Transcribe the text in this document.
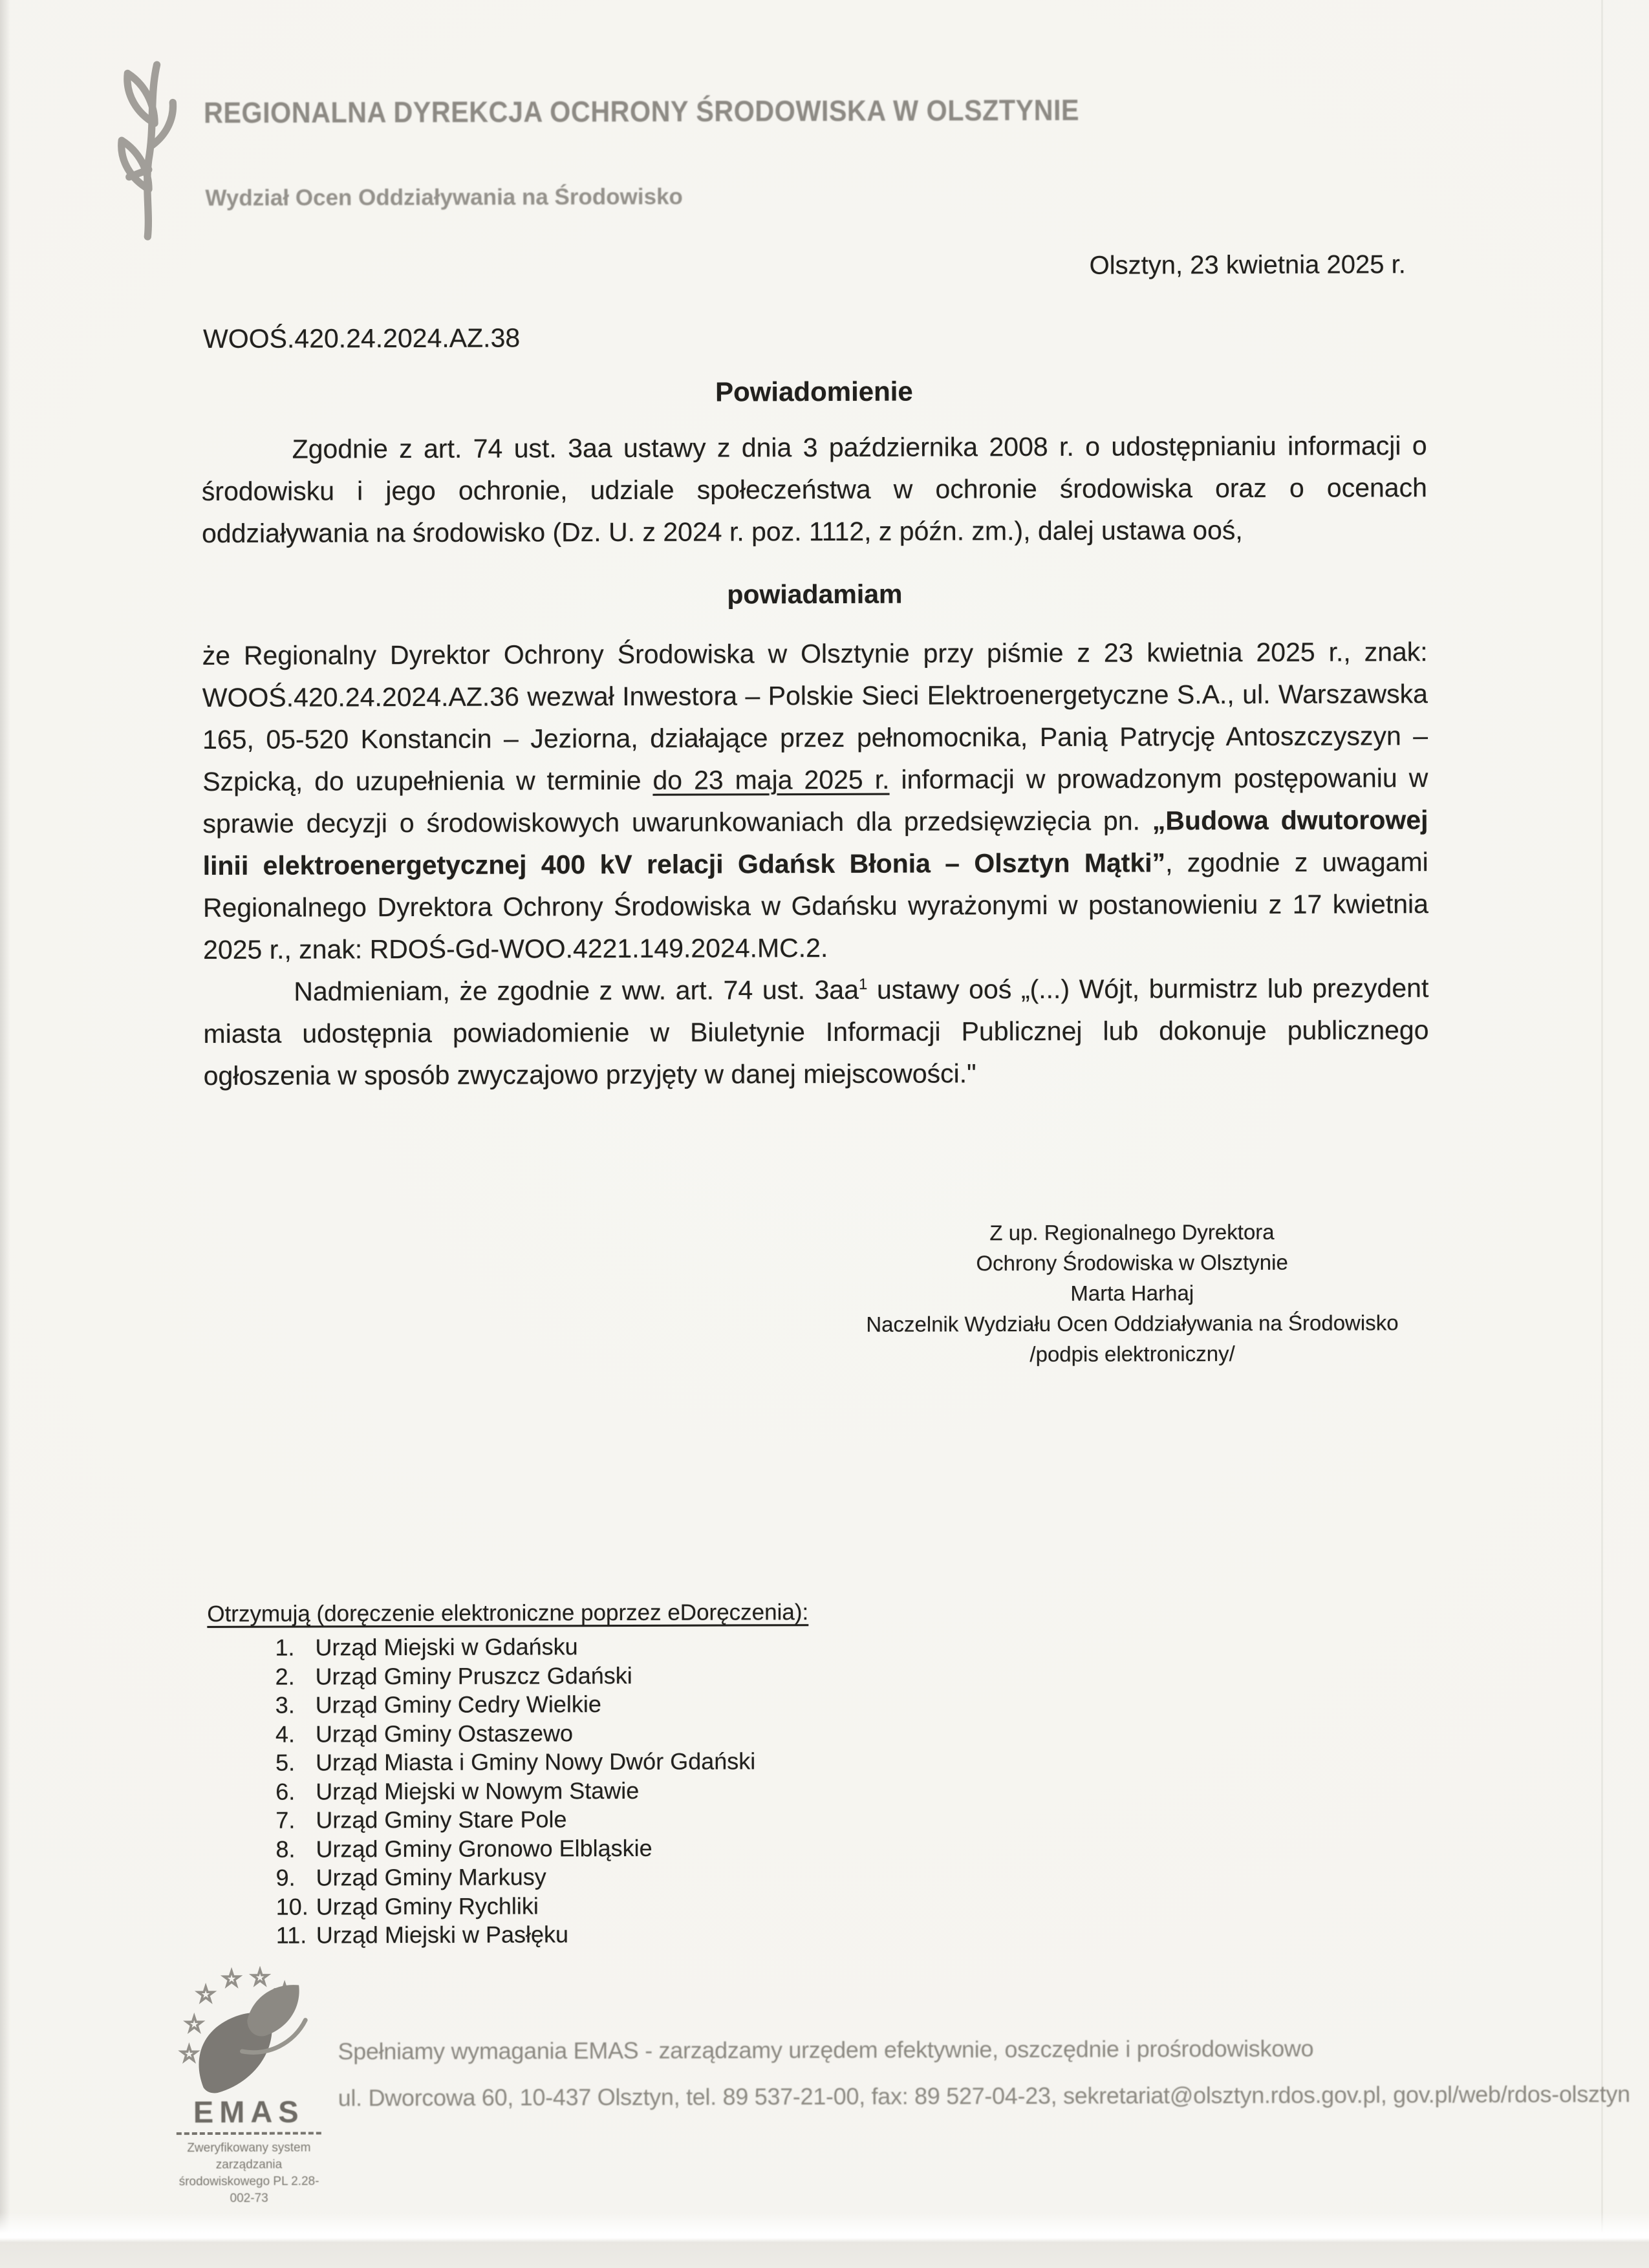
REGIONALNA DYREKCJA OCHRONY ŚRODOWISKA W OLSZTYNIE
Wydział Ocen Oddziaływania na Środowisko
Olsztyn, 23 kwietnia 2025 r.
WOOŚ.420.24.2024.AZ.38
Powiadomienie

Zgodnie z art. 74 ust. 3aa ustawy z dnia 3 października 2008 r. o udostępnianiu informacji o środowisku i jego ochronie, udziale społeczeństwa w ochronie środowiska oraz o ocenach oddziaływania na środowisko (Dz. U. z 2024 r. poz. 1112, z późn. zm.), dalej ustawa ooś,

powiadamiam

że Regionalny Dyrektor Ochrony Środowiska w Olsztynie przy piśmie z 23 kwietnia 2025 r., znak: WOOŚ.420.24.2024.AZ.36 wezwał Inwestora – Polskie Sieci Elektroenergetyczne S.A., ul. Warszawska 165, 05-520 Konstancin – Jeziorna, działające przez pełnomocnika, Panią Patrycję Antoszczyszyn – Szpicką, do uzupełnienia w terminie do 23 maja 2025 r. informacji w prowadzonym postępowaniu w sprawie decyzji o środowiskowych uwarunkowaniach dla przedsięwzięcia pn. „Budowa dwutorowej linii elektroenergetycznej 400 kV relacji Gdańsk Błonia – Olsztyn Mątki”, zgodnie z uwagami Regionalnego Dyrektora Ochrony Środowiska w Gdańsku wyrażonymi w postanowieniu z 17 kwietnia 2025 r., znak: RDOŚ-Gd-WOO.4221.149.2024.MC.2.

Nadmieniam, że zgodnie z ww. art. 74 ust. 3aa$^1$ ustawy ooś „(...) Wójt, burmistrz lub prezydent miasta udostępnia powiadomienie w Biuletynie Informacji Publicznej lub dokonuje publicznego ogłoszenia w sposób zwyczajowo przyjęty w danej miejscowości."

Z up. Regionalnego Dyrektora
Ochrony Środowiska w Olsztynie
Marta Harhaj
Naczelnik Wydziału Ocen Oddziaływania na Środowisko
/podpis elektroniczny/
Otrzymują (doręczenie elektroniczne poprzez eDoręczenia):
Urząd Miejski w Gdańsku
Urząd Gminy Pruszcz Gdański
Urząd Gminy Cedry Wielkie
Urząd Gminy Ostaszewo
Urząd Miasta i Gminy Nowy Dwór Gdański
Urząd Miejski w Nowym Stawie
Urząd Gminy Stare Pole
Urząd Gminy Gronowo Elbląskie
Urząd Gminy Markusy
Urząd Gminy Rychliki
Urząd Miejski w Pasłęku
EMAS
Zweryfikowany system zarządzania środowiskowego PL 2.28-002-73
Spełniamy wymagania EMAS - zarządzamy urzędem efektywnie, oszczędnie i prośrodowiskowo
ul. Dworcowa 60, 10-437 Olsztyn, tel. 89 537-21-00, fax: 89 527-04-23, sekretariat@olsztyn.rdos.gov.pl, gov.pl/web/rdos-olsztyn
